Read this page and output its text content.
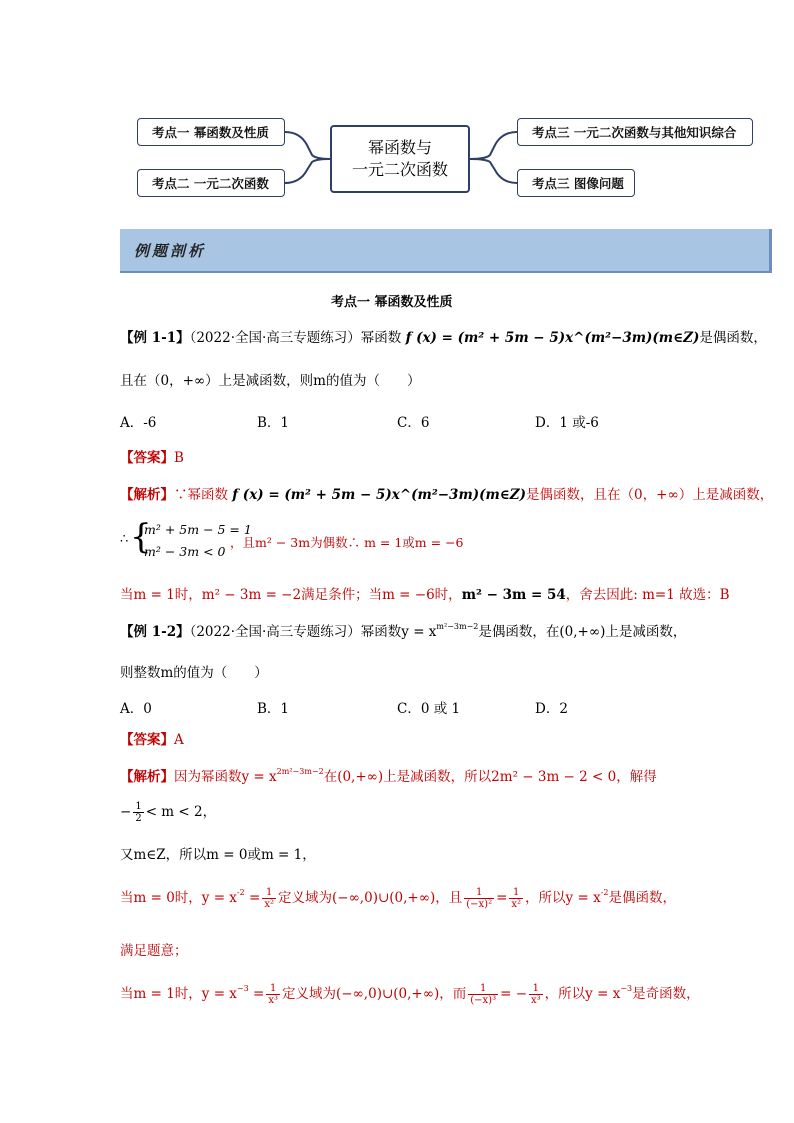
考点一 幂函数及性质
考点二 一元二次函数
幂函数与
一元二次函数
考点三 一元二次函数与其他知识综合
考点三 图像问题
例题剖析
考点一 幂函数及性质
【例 1-1】（2022·全国·高三专题练习）幂函数 f (x) = (m² + 5m − 5)x^(m²−3m)(m∈Z)是偶函数，
且在（0，+∞）上是减函数，则m的值为（　　）
A．-6	B．1	C．6	D．1 或-6
【答案】B
【解析】∵幂函数 f (x) = (m² + 5m − 5)x^(m²−3m)(m∈Z)是偶函数，且在（0，+∞）上是减函数，
∴ {
m² + 5m − 5 = 1
m² − 3m < 0
，且m² − 3m为偶数∴ m = 1或m = −6
当m = 1时，m² − 3m = −2满足条件；当m = −6时，m² − 3m = 54，舍去因此: m=1 故选：B
【例 1-2】（2022·全国·高三专题练习）幂函数$y = x^{m^2-3m-2}$是偶函数，在(0,+∞)上是减函数，
则整数m的值为（　　）
A．0	B．1	C．0 或 1	D．2
【答案】A
【解析】因为幂函数$y = x^{2m^2-3m-2}$在(0,+∞)上是减函数，所以2m² − 3m − 2 < 0，解得
− $\frac{1}{2} < m < 2$，
又m∈Z，所以m = 0或m = 1，
当m = 0时，$y = x^{-2} = \frac{1}{\text{x²}}$ 定义域为(−∞,0)∪(0,+∞)，且 $\frac{1}{\text{(−x)²}} = \frac{1}{\text{x²}}$ ，所以$y = x^{-2}$是偶函数，
满足题意；
当m = 1时，$y = x^{-3} = \frac{1}{\text{x³}}$ 定义域为(−∞,0)∪(0,+∞)，而 $\frac{1}{\text{(−x)³}}$ = − $\frac{1}{\text{x³}}$ ，所以$y = x^{-3}$是奇函数，
